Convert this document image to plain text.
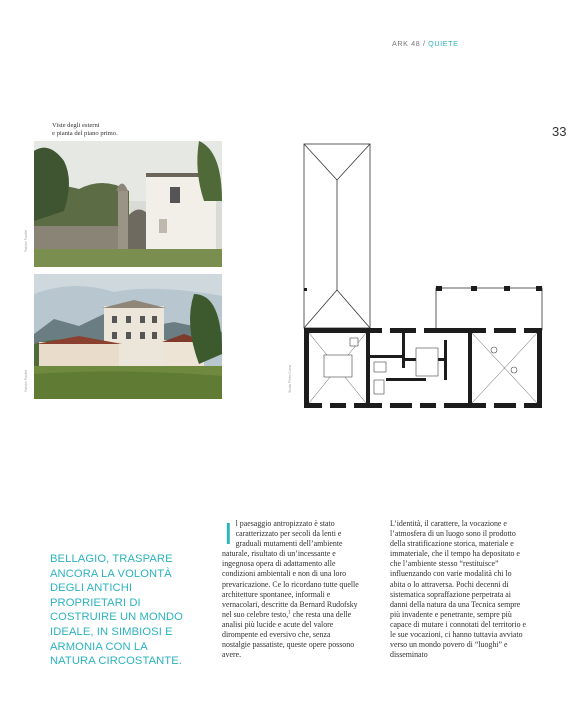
ARK 48 / QUIETE
33
Viste degli esterni
e pianta del piano primo.
Fabrice Fouillet
Fabrice Fouillet	Studio Pietro Corna
BELLAGIO, TRASPARE ANCORA LA VOLONTÀ DEGLI ANTICHI PROPRIETARI DI COSTRUIRE UN MONDO IDEALE, IN SIMBIOSI E ARMONIA CON LA NATURA CIRCOSTANTE.

Il paesaggio antropizzato è stato caratterizzato per secoli da lenti e graduali mutamenti dell’ambiente naturale, risultato di un’incessante e ingegnosa opera di adattamento alle condizioni ambientali e non di una loro prevaricazione. Ce lo ricordano tutte quelle architetture spontanee, informali e vernacolari, descritte da Bernard Rudofsky nel suo celebre testo,$^1$ che resta una delle analisi più lucide e acute del valore dirompente ed eversivo che, senza nostalgie passatiste, queste opere possono avere.

L’identità, il carattere, la vocazione e l’atmosfera di un luogo sono il prodotto della stratificazione storica, materiale e immateriale, che il tempo ha depositato e che l’ambiente stesso “restituisce” influenzando con varie modalità chi lo abita o lo attraversa. Pochi decenni di sistematica sopraffazione perpetrata ai danni della natura da una Tecnica sempre più invadente e penetrante, sempre più capace di mutare i connotati del territorio e le sue vocazioni, ci hanno tuttavia avviato verso un mondo povero di “luoghi” e disseminato
